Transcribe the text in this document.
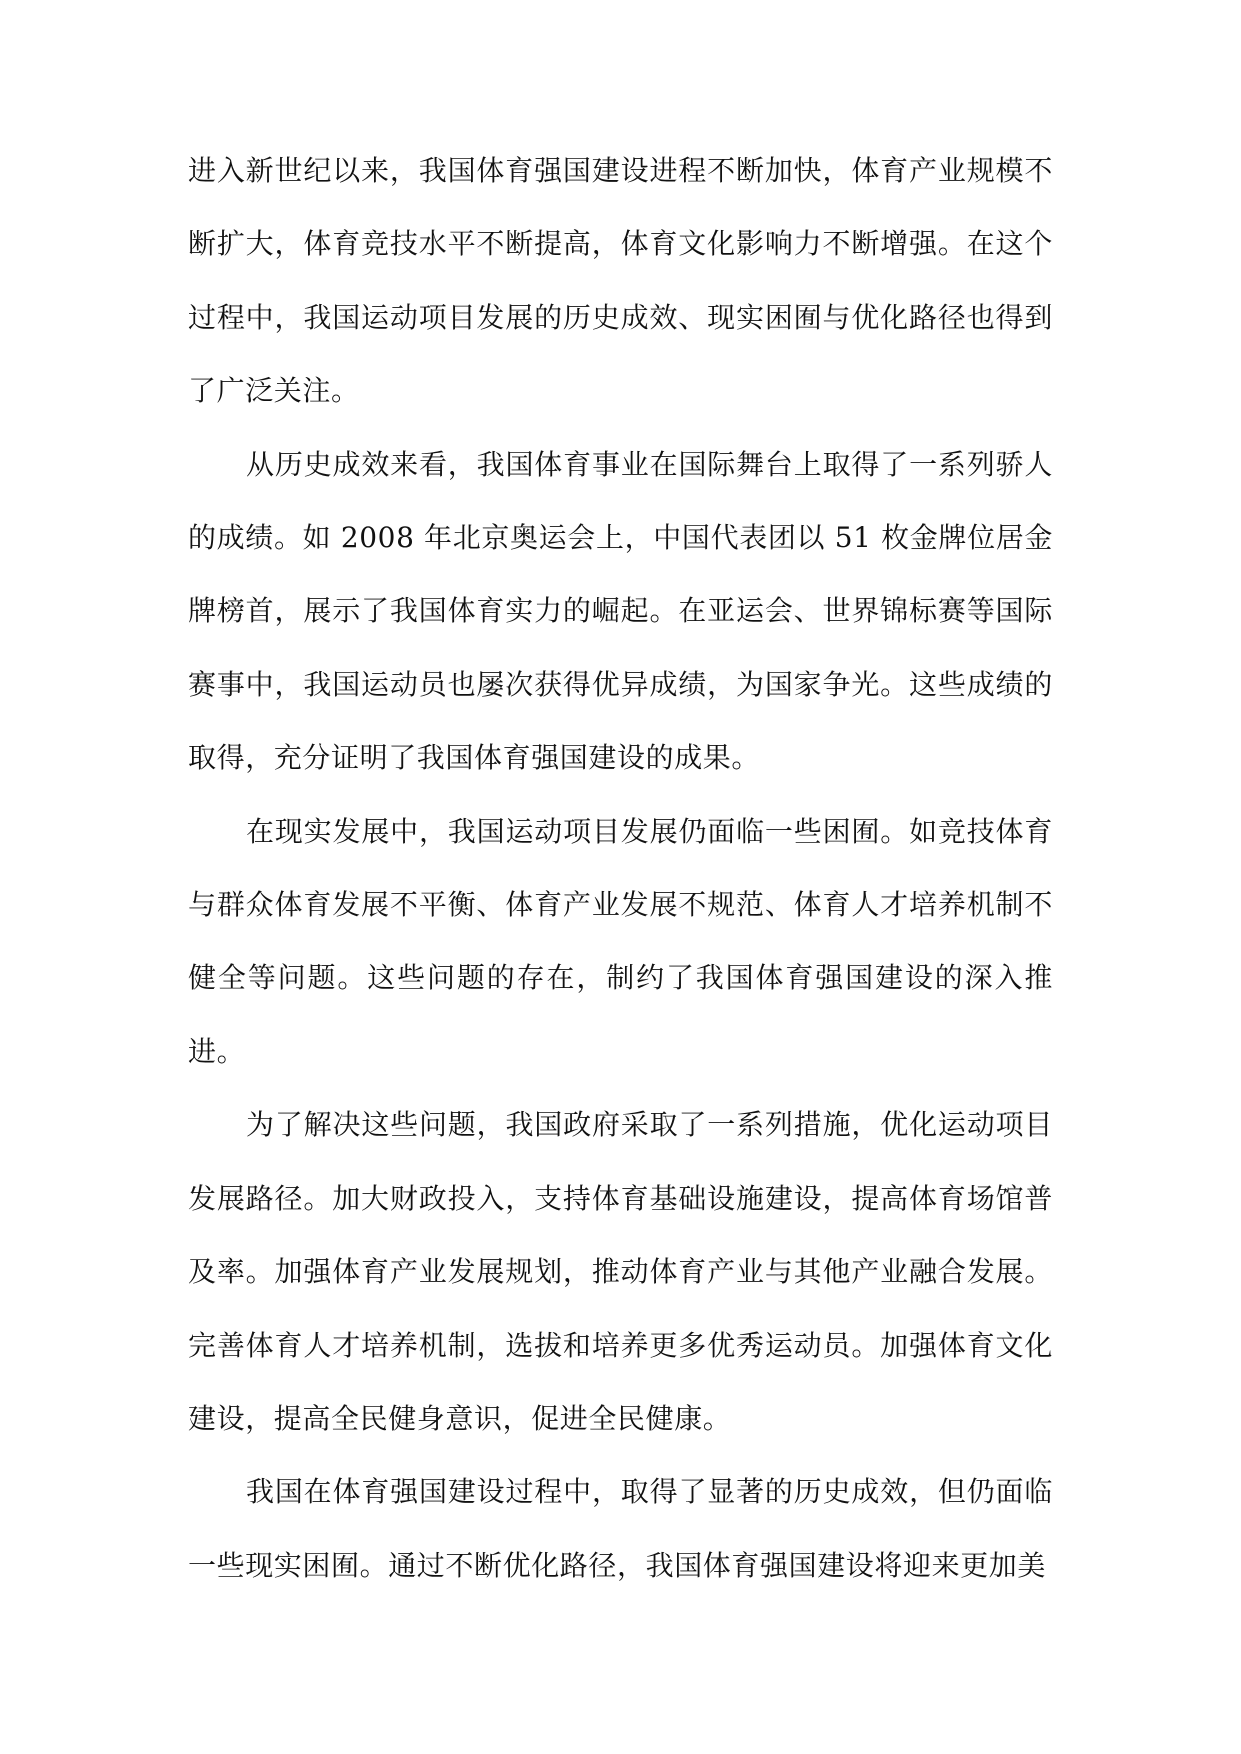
进入新世纪以来，我国体育强国建设进程不断加快，体育产业规模不断扩大，体育竞技水平不断提高，体育文化影响力不断增强。在这个过程中，我国运动项目发展的历史成效、现实困囿与优化路径也得到了广泛关注。

从历史成效来看，我国体育事业在国际舞台上取得了一系列骄人的成绩。如 2008 年北京奥运会上，中国代表团以 51 枚金牌位居金牌榜首，展示了我国体育实力的崛起。在亚运会、世界锦标赛等国际赛事中，我国运动员也屡次获得优异成绩，为国家争光。这些成绩的取得，充分证明了我国体育强国建设的成果。

在现实发展中，我国运动项目发展仍面临一些困囿。如竞技体育与群众体育发展不平衡、体育产业发展不规范、体育人才培养机制不健全等问题。这些问题的存在，制约了我国体育强国建设的深入推进。

为了解决这些问题，我国政府采取了一系列措施，优化运动项目发展路径。加大财政投入，支持体育基础设施建设，提高体育场馆普及率。加强体育产业发展规划，推动体育产业与其他产业融合发展。完善体育人才培养机制，选拔和培养更多优秀运动员。加强体育文化建设，提高全民健身意识，促进全民健康。

我国在体育强国建设过程中，取得了显著的历史成效，但仍面临一些现实困囿。通过不断优化路径，我国体育强国建设将迎来更加美
